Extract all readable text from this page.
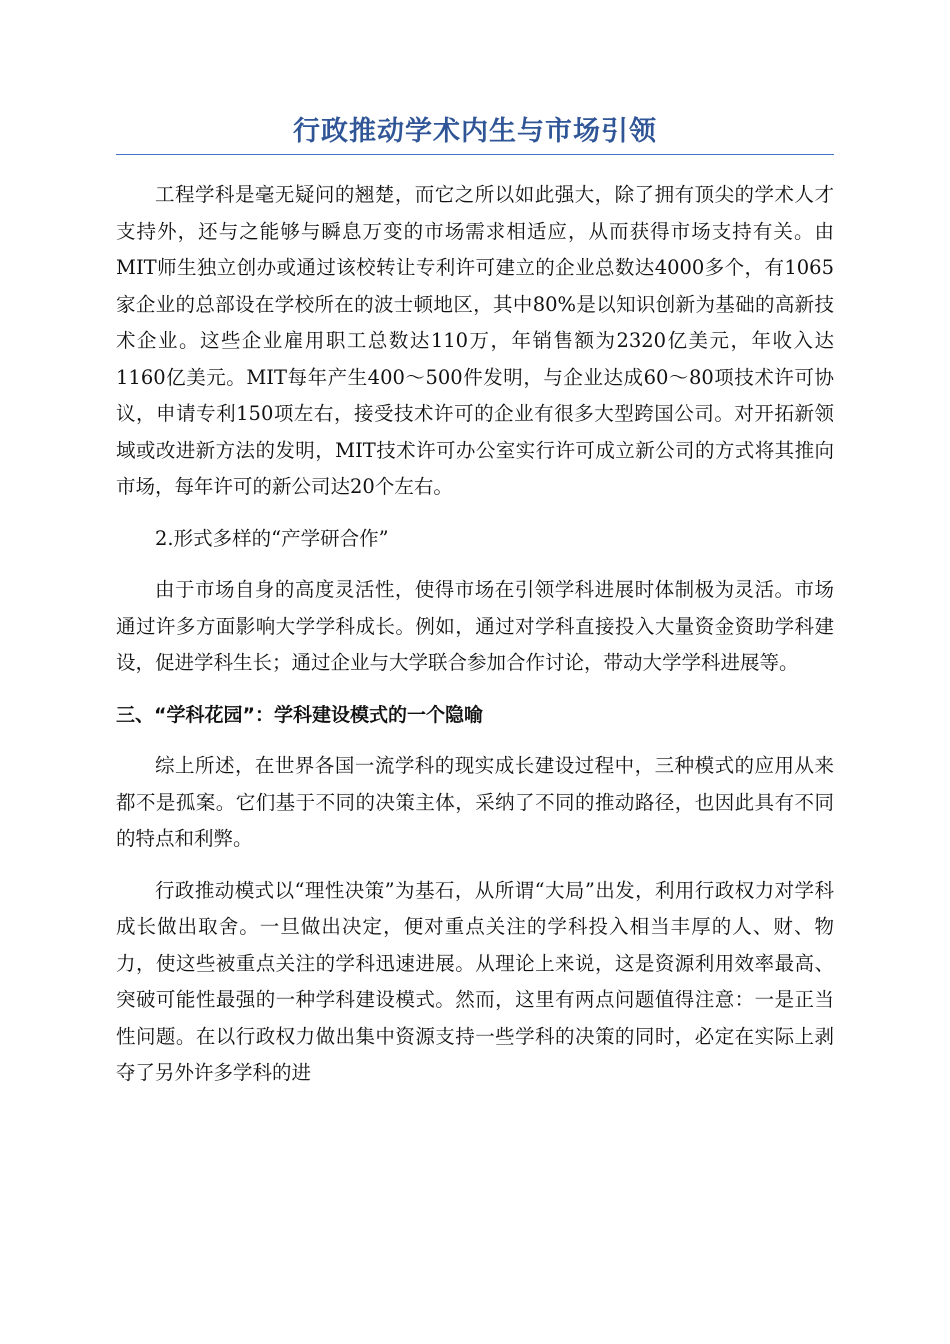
行政推动学术内生与市场引领

工程学科是毫无疑问的翘楚，而它之所以如此强大，除了拥有顶尖的学术人才支持外，还与之能够与瞬息万变的市场需求相适应，从而获得市场支持有关。由MIT师生独立创办或通过该校转让专利许可建立的企业总数达4000多个，有1065家企业的总部设在学校所在的波士顿地区，其中80%是以知识创新为基础的高新技术企业。这些企业雇用职工总数达110万，年销售额为2320亿美元，年收入达1160亿美元。MIT每年产生400～500件发明，与企业达成60～80项技术许可协议，申请专利150项左右，接受技术许可的企业有很多大型跨国公司。对开拓新领域或改进新方法的发明，MIT技术许可办公室实行许可成立新公司的方式将其推向市场，每年许可的新公司达20个左右。

2.形式多样的“产学研合作”

由于市场自身的高度灵活性，使得市场在引领学科进展时体制极为灵活。市场通过许多方面影响大学学科成长。例如，通过对学科直接投入大量资金资助学科建设，促进学科生长；通过企业与大学联合参加合作讨论，带动大学学科进展等。

三、“学科花园”：学科建设模式的一个隐喻

综上所述，在世界各国一流学科的现实成长建设过程中，三种模式的应用从来都不是孤案。它们基于不同的决策主体，采纳了不同的推动路径，也因此具有不同的特点和利弊。

行政推动模式以“理性决策”为基石，从所谓“大局”出发，利用行政权力对学科成长做出取舍。一旦做出决定，便对重点关注的学科投入相当丰厚的人、财、物力，使这些被重点关注的学科迅速进展。从理论上来说，这是资源利用效率最高、突破可能性最强的一种学科建设模式。然而，这里有两点问题值得注意：一是正当性问题。在以行政权力做出集中资源支持一些学科的决策的同时，必定在实际上剥夺了另外许多学科的进
